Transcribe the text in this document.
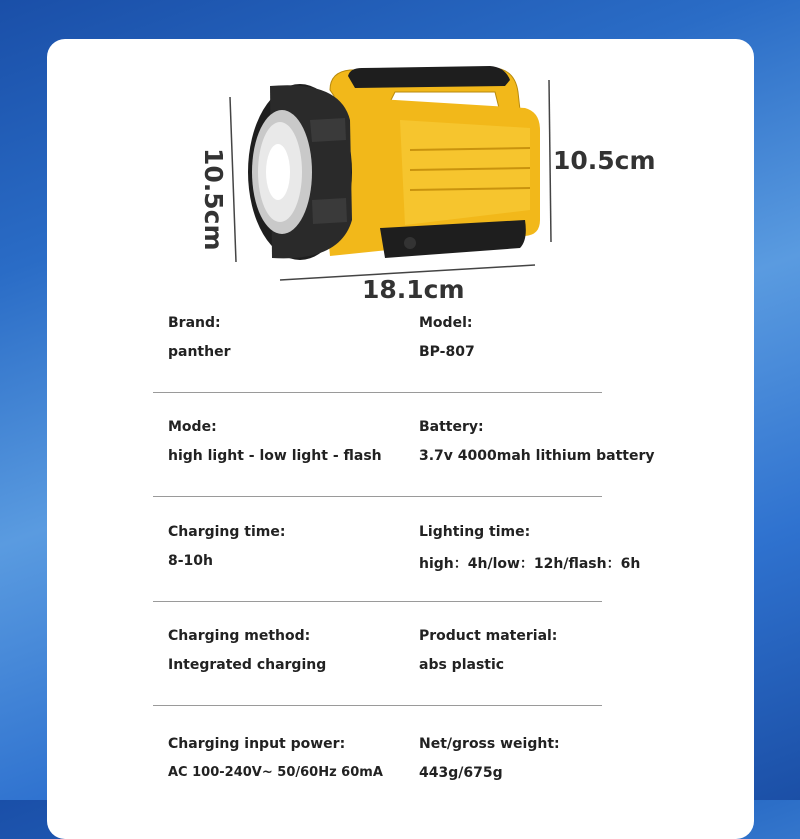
10.5cm	10.5cm
18.1cm
Brand:
panther
Model:
BP-807
Mode:
high light - low light - flash
Battery:
3.7v 4000mah lithium battery
Charging time:
8-10h
Lighting time:
high：4h/low：12h/flash：6h
Charging method:
Integrated charging
Product material:
abs plastic
Charging input power:
AC 100-240V~ 50/60Hz 60mA
Net/gross weight:
443g/675g
